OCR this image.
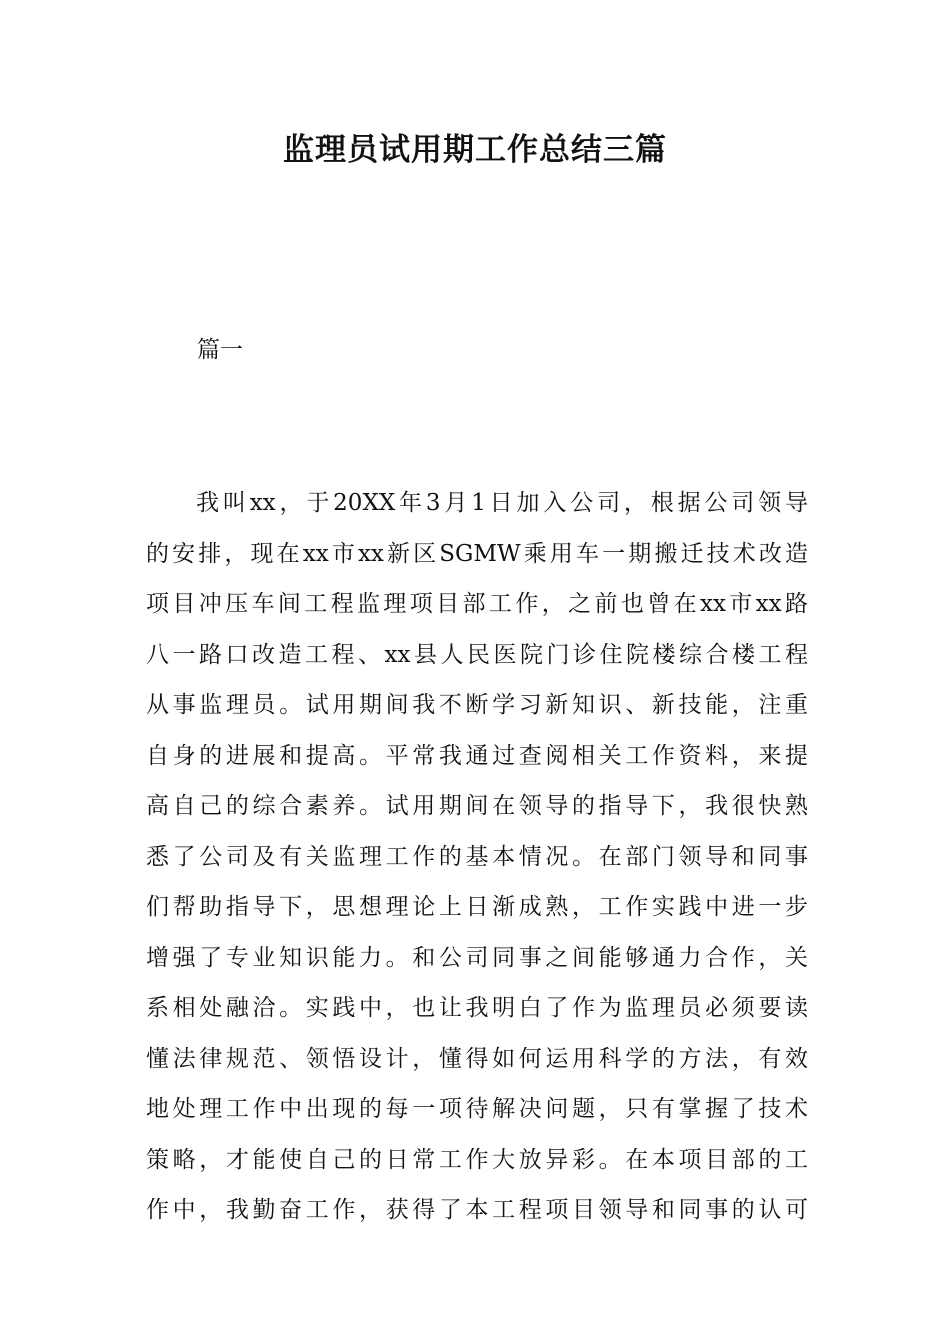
监理员试用期工作总结三篇

篇一

我叫xx，于20XX年3月1日加入公司，根据公司领导
的安排，现在xx市xx新区SGMW乘用车一期搬迁技术改造
项目冲压车间工程监理项目部工作，之前也曾在xx市xx路
八一路口改造工程、xx县人民医院门诊住院楼综合楼工程
从事监理员。试用期间我不断学习新知识、新技能，注重
自身的进展和提高。平常我通过查阅相关工作资料，来提
高自己的综合素养。试用期间在领导的指导下，我很快熟
悉了公司及有关监理工作的基本情况。在部门领导和同事
们帮助指导下，思想理论上日渐成熟，工作实践中进一步
增强了专业知识能力。和公司同事之间能够通力合作，关
系相处融洽。实践中，也让我明白了作为监理员必须要读
懂法律规范、领悟设计，懂得如何运用科学的方法，有效
地处理工作中出现的每一项待解决问题，只有掌握了技术
策略，才能使自己的日常工作大放异彩。在本项目部的工
作中，我勤奋工作，获得了本工程项目领导和同事的认可
